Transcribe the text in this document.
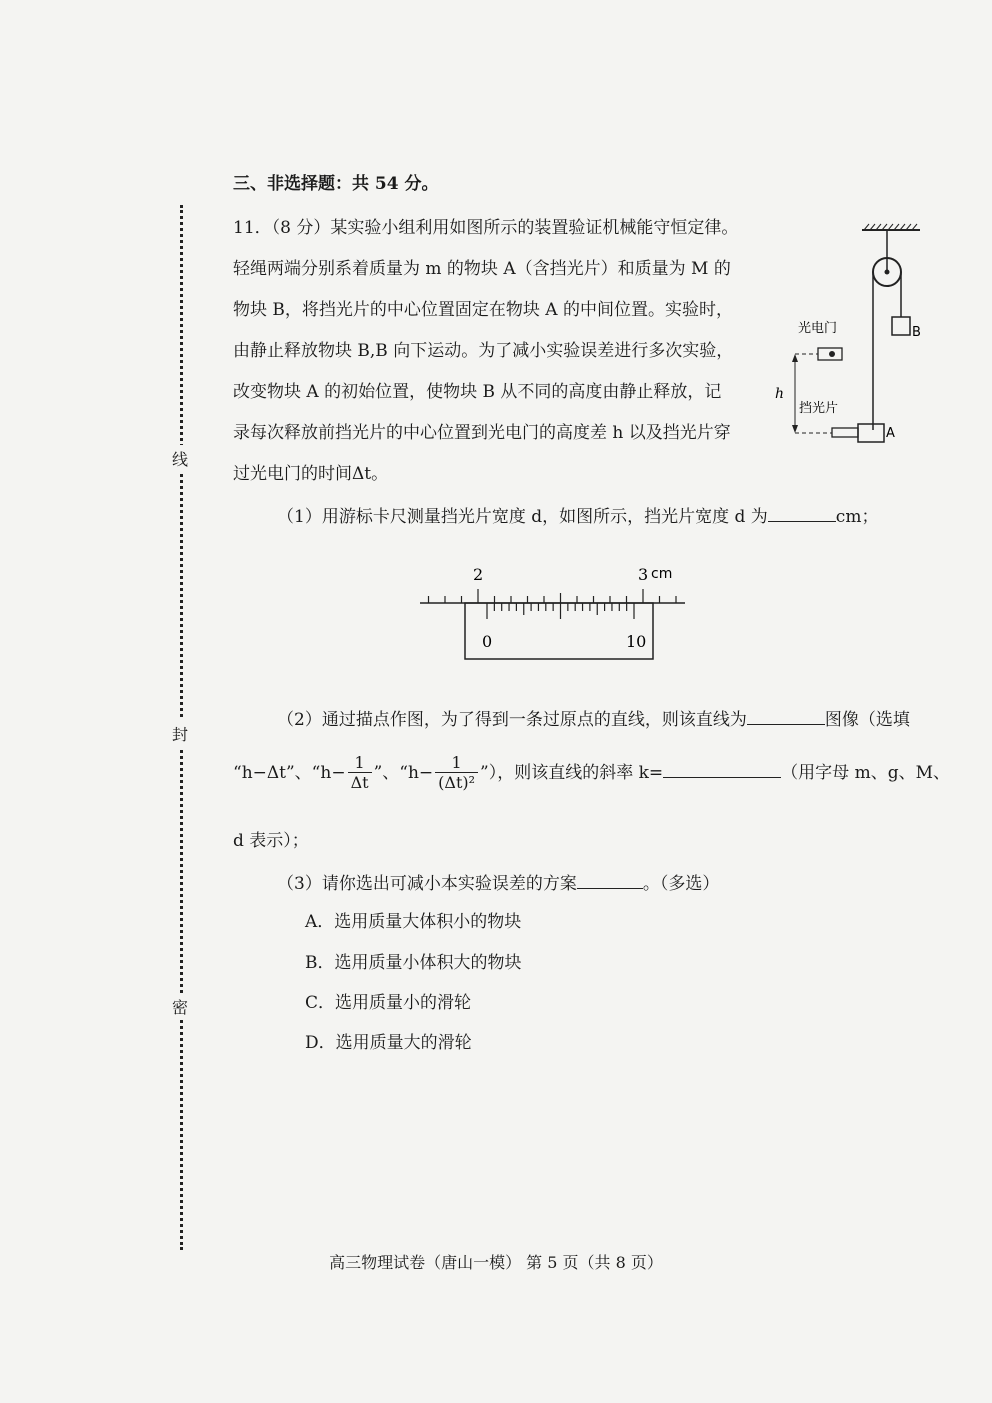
线
封
密
三、非选择题：共 54 分。
11．（8 分）某实验小组利用如图所示的装置验证机械能守恒定律。
轻绳两端分别系着质量为 m 的物块 A（含挡光片）和质量为 M 的
物块 B，将挡光片的中心位置固定在物块 A 的中间位置。实验时，
由静止释放物块 B,B 向下运动。为了减小实验误差进行多次实验，
改变物块 A 的初始位置，使物块 B 从不同的高度由静止释放，记
录每次释放前挡光片的中心位置到光电门的高度差 h 以及挡光片穿
过光电门的时间Δt。
B
光电门
h
挡光片
A
（1）用游标卡尺测量挡光片宽度 d，如图所示，挡光片宽度 d 为	cm；
2	3 cm
0	10
（2）通过描点作图，为了得到一条过原点的直线，则该直线为	图像（选填
“h−Δt”、“$h- \frac{1}{\Delta t}$ ”、“$h- \frac{1}{\text{(Δt)²}}$ ”），则该直线的斜率 k=	（用字母 m、g、M、
d 表示）；
（3）请你选出可减小本实验误差的方案	。（多选）
A．选用质量大体积小的物块
B．选用质量小体积大的物块
C．选用质量小的滑轮
D．选用质量大的滑轮
高三物理试卷（唐山一模） 第 5 页（共 8 页）
